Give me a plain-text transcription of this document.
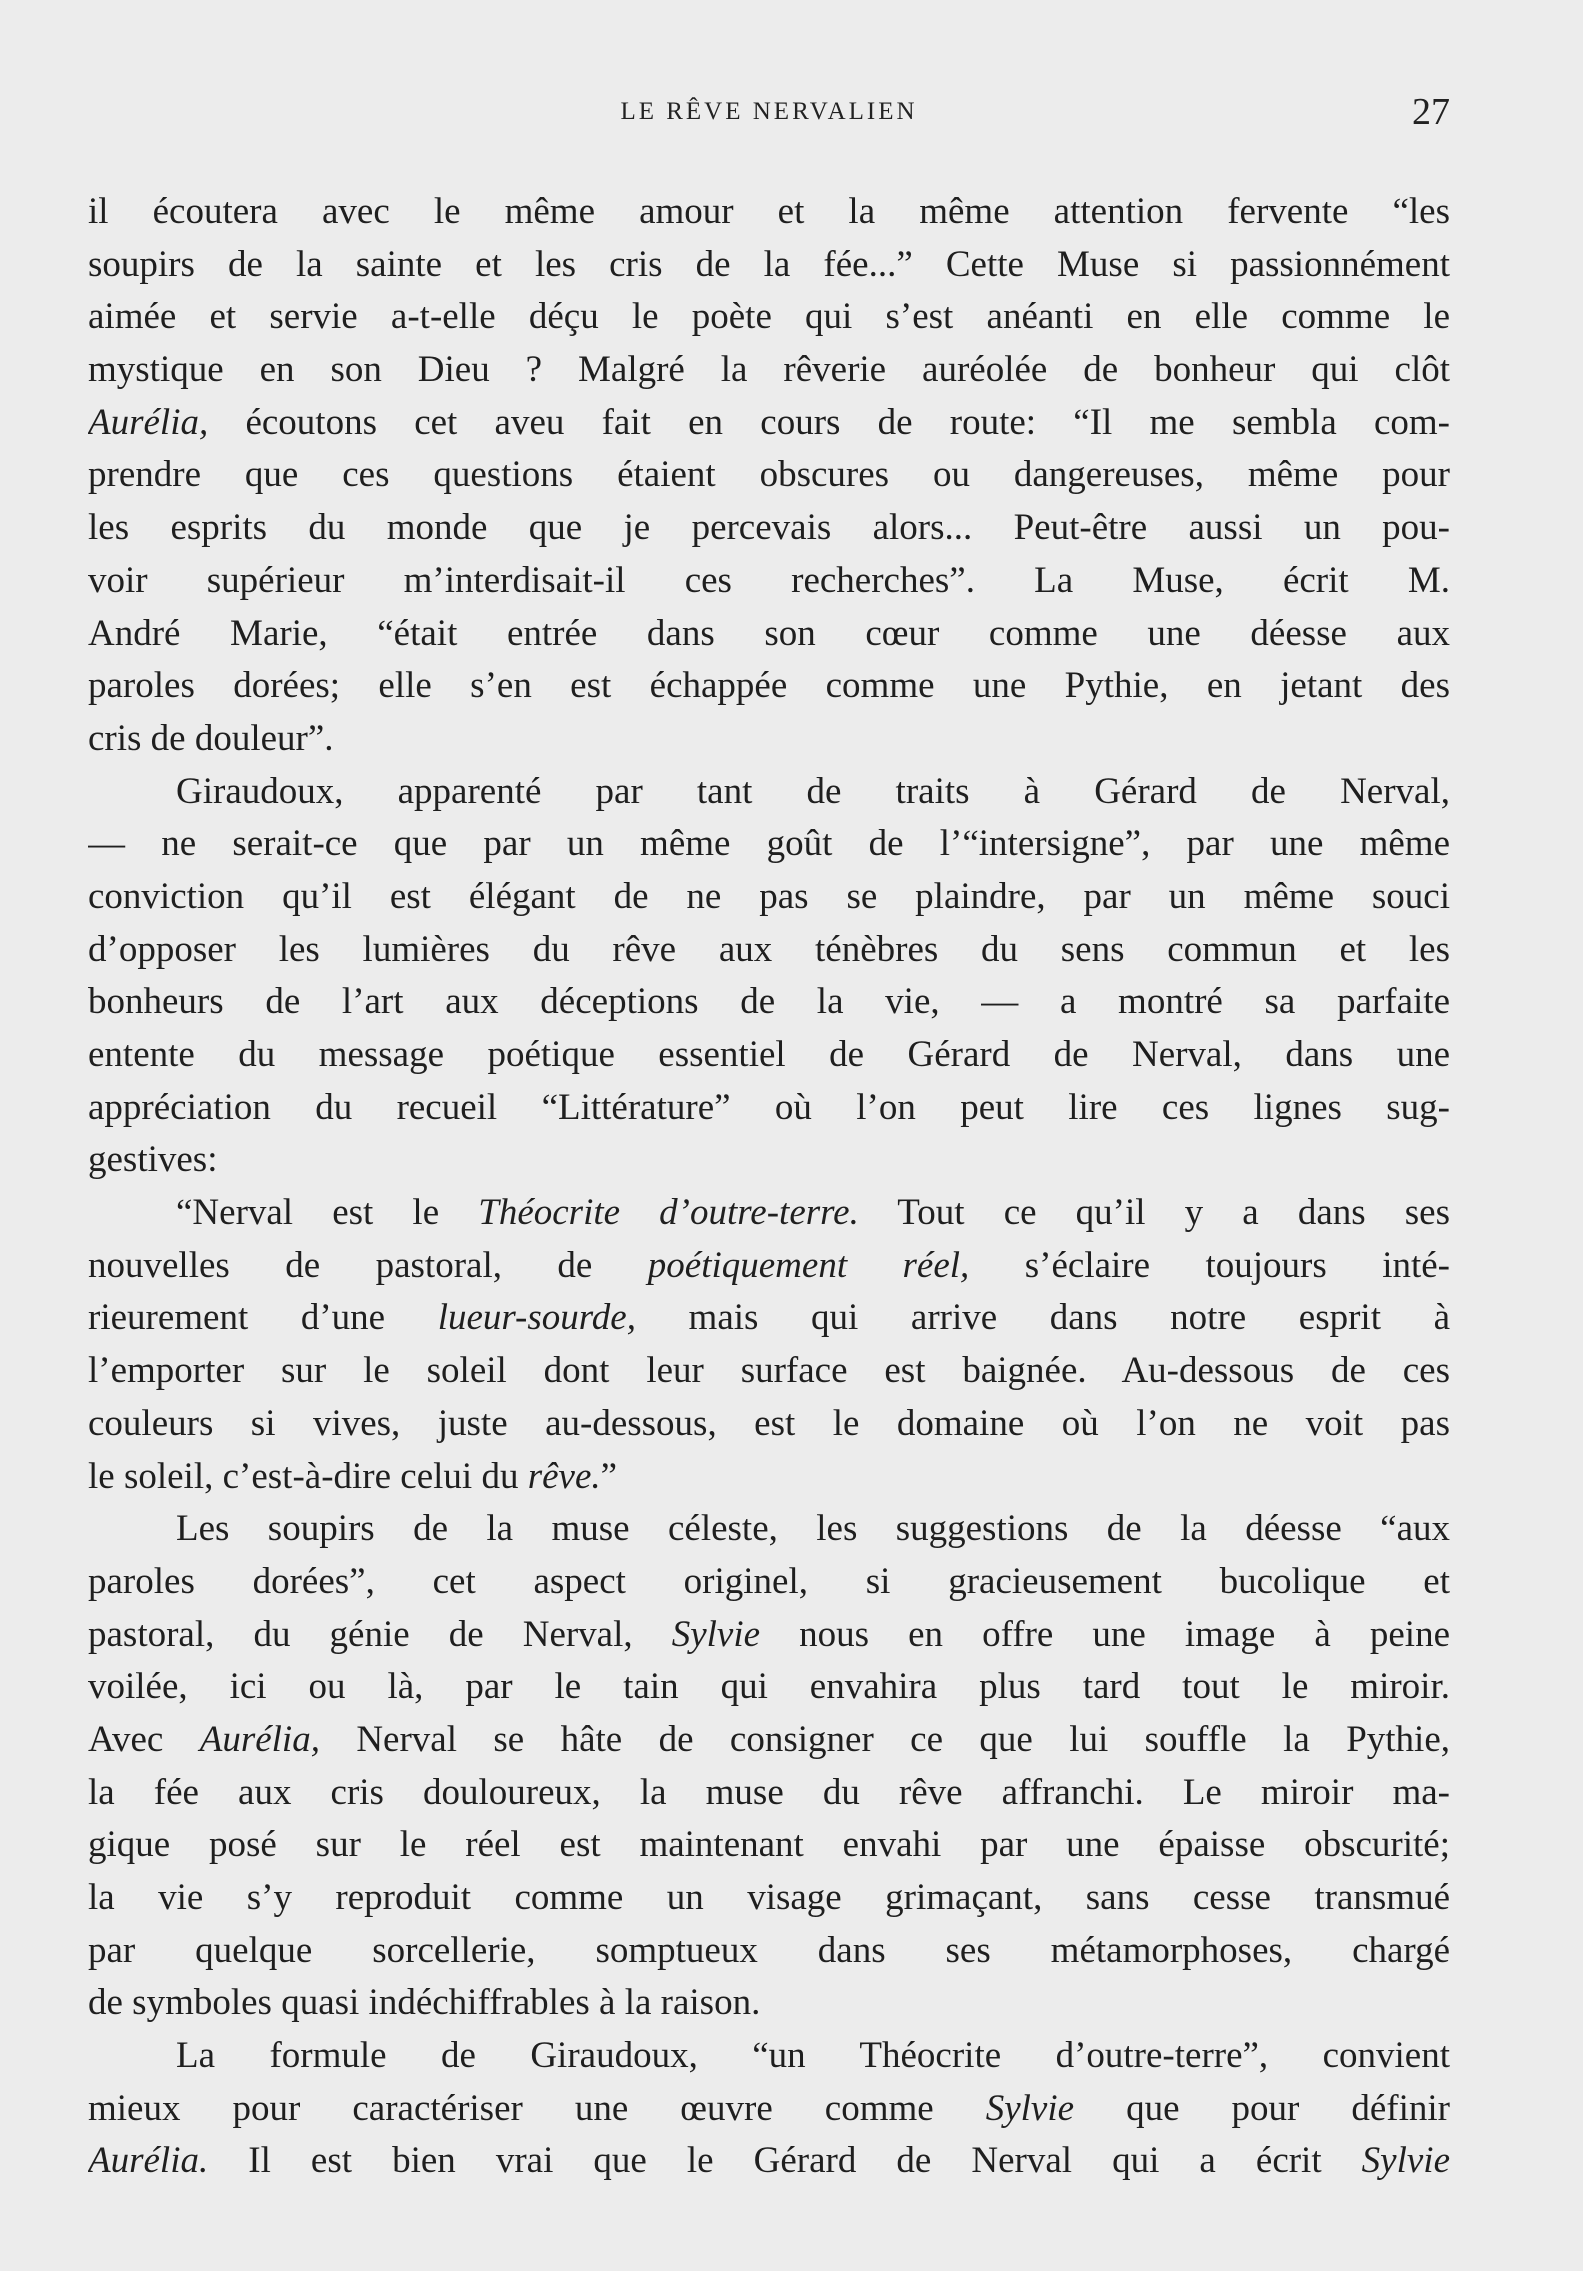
LE RÊVE NERVALIEN	27
il écoutera avec le même amour et la même attention fervente “les
soupirs de la sainte et les cris de la fée...” Cette Muse si passionnément
aimée et servie a-t-elle déçu le poète qui s’est anéanti en elle comme le
mystique en son Dieu ? Malgré la rêverie auréolée de bonheur qui clôt
Aurélia, écoutons cet aveu fait en cours de route: “Il me sembla com-
prendre que ces questions étaient obscures ou dangereuses, même pour
les esprits du monde que je percevais alors... Peut-être aussi un pou-
voir supérieur m’interdisait-il ces recherches”. La Muse, écrit M.
André Marie, “était entrée dans son cœur comme une déesse aux
paroles dorées; elle s’en est échappée comme une Pythie, en jetant des
cris de douleur”.
Giraudoux, apparenté par tant de traits à Gérard de Nerval,
— ne serait-ce que par un même goût de l’“intersigne”, par une même
conviction qu’il est élégant de ne pas se plaindre, par un même souci
d’opposer les lumières du rêve aux ténèbres du sens commun et les
bonheurs de l’art aux déceptions de la vie, — a montré sa parfaite
entente du message poétique essentiel de Gérard de Nerval, dans une
appréciation du recueil “Littérature” où l’on peut lire ces lignes sug-
gestives:
“Nerval est le Théocrite d’outre-terre. Tout ce qu’il y a dans ses
nouvelles de pastoral, de poétiquement réel, s’éclaire toujours inté-
rieurement d’une lueur-sourde, mais qui arrive dans notre esprit à
l’emporter sur le soleil dont leur surface est baignée. Au-dessous de ces
couleurs si vives, juste au-dessous, est le domaine où l’on ne voit pas
le soleil, c’est-à-dire celui du rêve.”
Les soupirs de la muse céleste, les suggestions de la déesse “aux
paroles dorées”, cet aspect originel, si gracieusement bucolique et
pastoral, du génie de Nerval, Sylvie nous en offre une image à peine
voilée, ici ou là, par le tain qui envahira plus tard tout le miroir.
Avec Aurélia, Nerval se hâte de consigner ce que lui souffle la Pythie,
la fée aux cris douloureux, la muse du rêve affranchi. Le miroir ma-
gique posé sur le réel est maintenant envahi par une épaisse obscurité;
la vie s’y reproduit comme un visage grimaçant, sans cesse transmué
par quelque sorcellerie, somptueux dans ses métamorphoses, chargé
de symboles quasi indéchiffrables à la raison.
La formule de Giraudoux, “un Théocrite d’outre-terre”, convient
mieux pour caractériser une œuvre comme Sylvie que pour définir
Aurélia. Il est bien vrai que le Gérard de Nerval qui a écrit Sylvie
